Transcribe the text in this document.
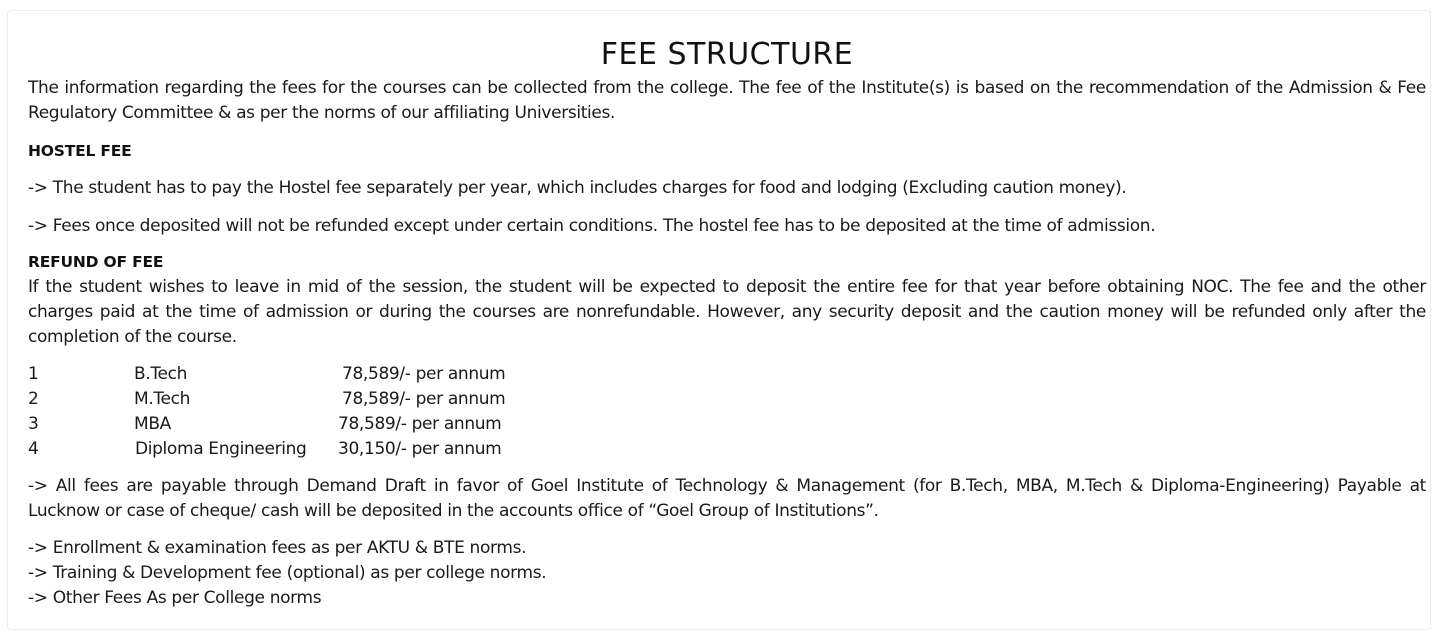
FEE STRUCTURE

The information regarding the fees for the courses can be collected from the college. The fee of the Institute(s) is based on the recommendation of the Admission & Fee Regulatory Committee & as per the norms of our affiliating Universities.

HOSTEL FEE

-> The student has to pay the Hostel fee separately per year, which includes charges for food and lodging (Excluding caution money).

-> Fees once deposited will not be refunded except under certain conditions. The hostel fee has to be deposited at the time of admission.

REFUND OF FEE

If the student wishes to leave in mid of the session, the student will be expected to deposit the entire fee for that year before obtaining NOC. The fee and the other charges paid at the time of admission or during the courses are nonrefundable. However, any security deposit and the caution money will be refunded only after the completion of the course.

1	B.Tech	78,589/- per annum
2	M.Tech	78,589/- per annum
3	MBA	78,589/- per annum
4	Diploma Engineering 30,150/- per annum

-> All fees are payable through Demand Draft in favor of Goel Institute of Technology & Management (for B.Tech, MBA, M.Tech & Diploma-Engineering) Payable at Lucknow or case of cheque/ cash will be deposited in the accounts office of “Goel Group of Institutions”.

-> Enrollment & examination fees as per AKTU & BTE norms.

-> Training & Development fee (optional) as per college norms.

-> Other Fees As per College norms
